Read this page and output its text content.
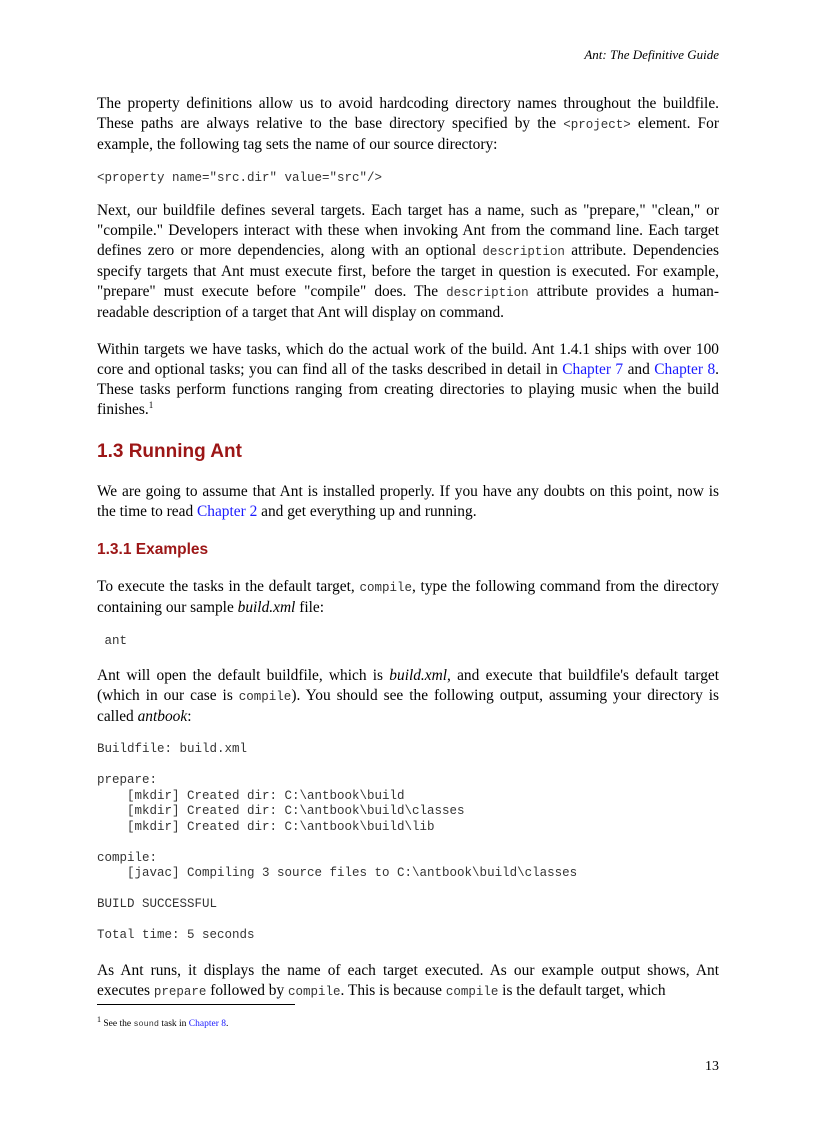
Ant: The Definitive Guide

The property definitions allow us to avoid hardcoding directory names throughout the buildfile. These paths are always relative to the base directory specified by the <project> element. For example, the following tag sets the name of our source directory:

<property name="src.dir" value="src"/>

Next, our buildfile defines several targets. Each target has a name, such as "prepare," "clean," or "compile." Developers interact with these when invoking Ant from the command line. Each target defines zero or more dependencies, along with an optional description attribute. Dependencies specify targets that Ant must execute first, before the target in question is executed. For example, "prepare" must execute before "compile" does. The description attribute provides a human-readable description of a target that Ant will display on command.

Within targets we have tasks, which do the actual work of the build. Ant 1.4.1 ships with over 100 core and optional tasks; you can find all of the tasks described in detail in Chapter 7 and Chapter 8. These tasks perform functions ranging from creating directories to playing music when the build finishes.$^1$

1.3 Running Ant

We are going to assume that Ant is installed properly. If you have any doubts on this point, now is the time to read Chapter 2 and get everything up and running.

1.3.1 Examples

To execute the tasks in the default target, compile, type the following command from the directory containing our sample build.xml file:

ant

Ant will open the default buildfile, which is build.xml, and execute that buildfile's default target (which in our case is compile). You should see the following output, assuming your directory is called antbook:

Buildfile: build.xml

prepare:
[mkdir] Created dir: C:\antbook\build
[mkdir] Created dir: C:\antbook\build\classes
[mkdir] Created dir: C:\antbook\build\lib

compile:
[javac] Compiling 3 source files to C:\antbook\build\classes

BUILD SUCCESSFUL

Total time: 5 seconds

As Ant runs, it displays the name of each target executed. As our example output shows, Ant executes prepare followed by compile. This is because compile is the default target, which

$^1$ See the sound task in Chapter 8.
13
